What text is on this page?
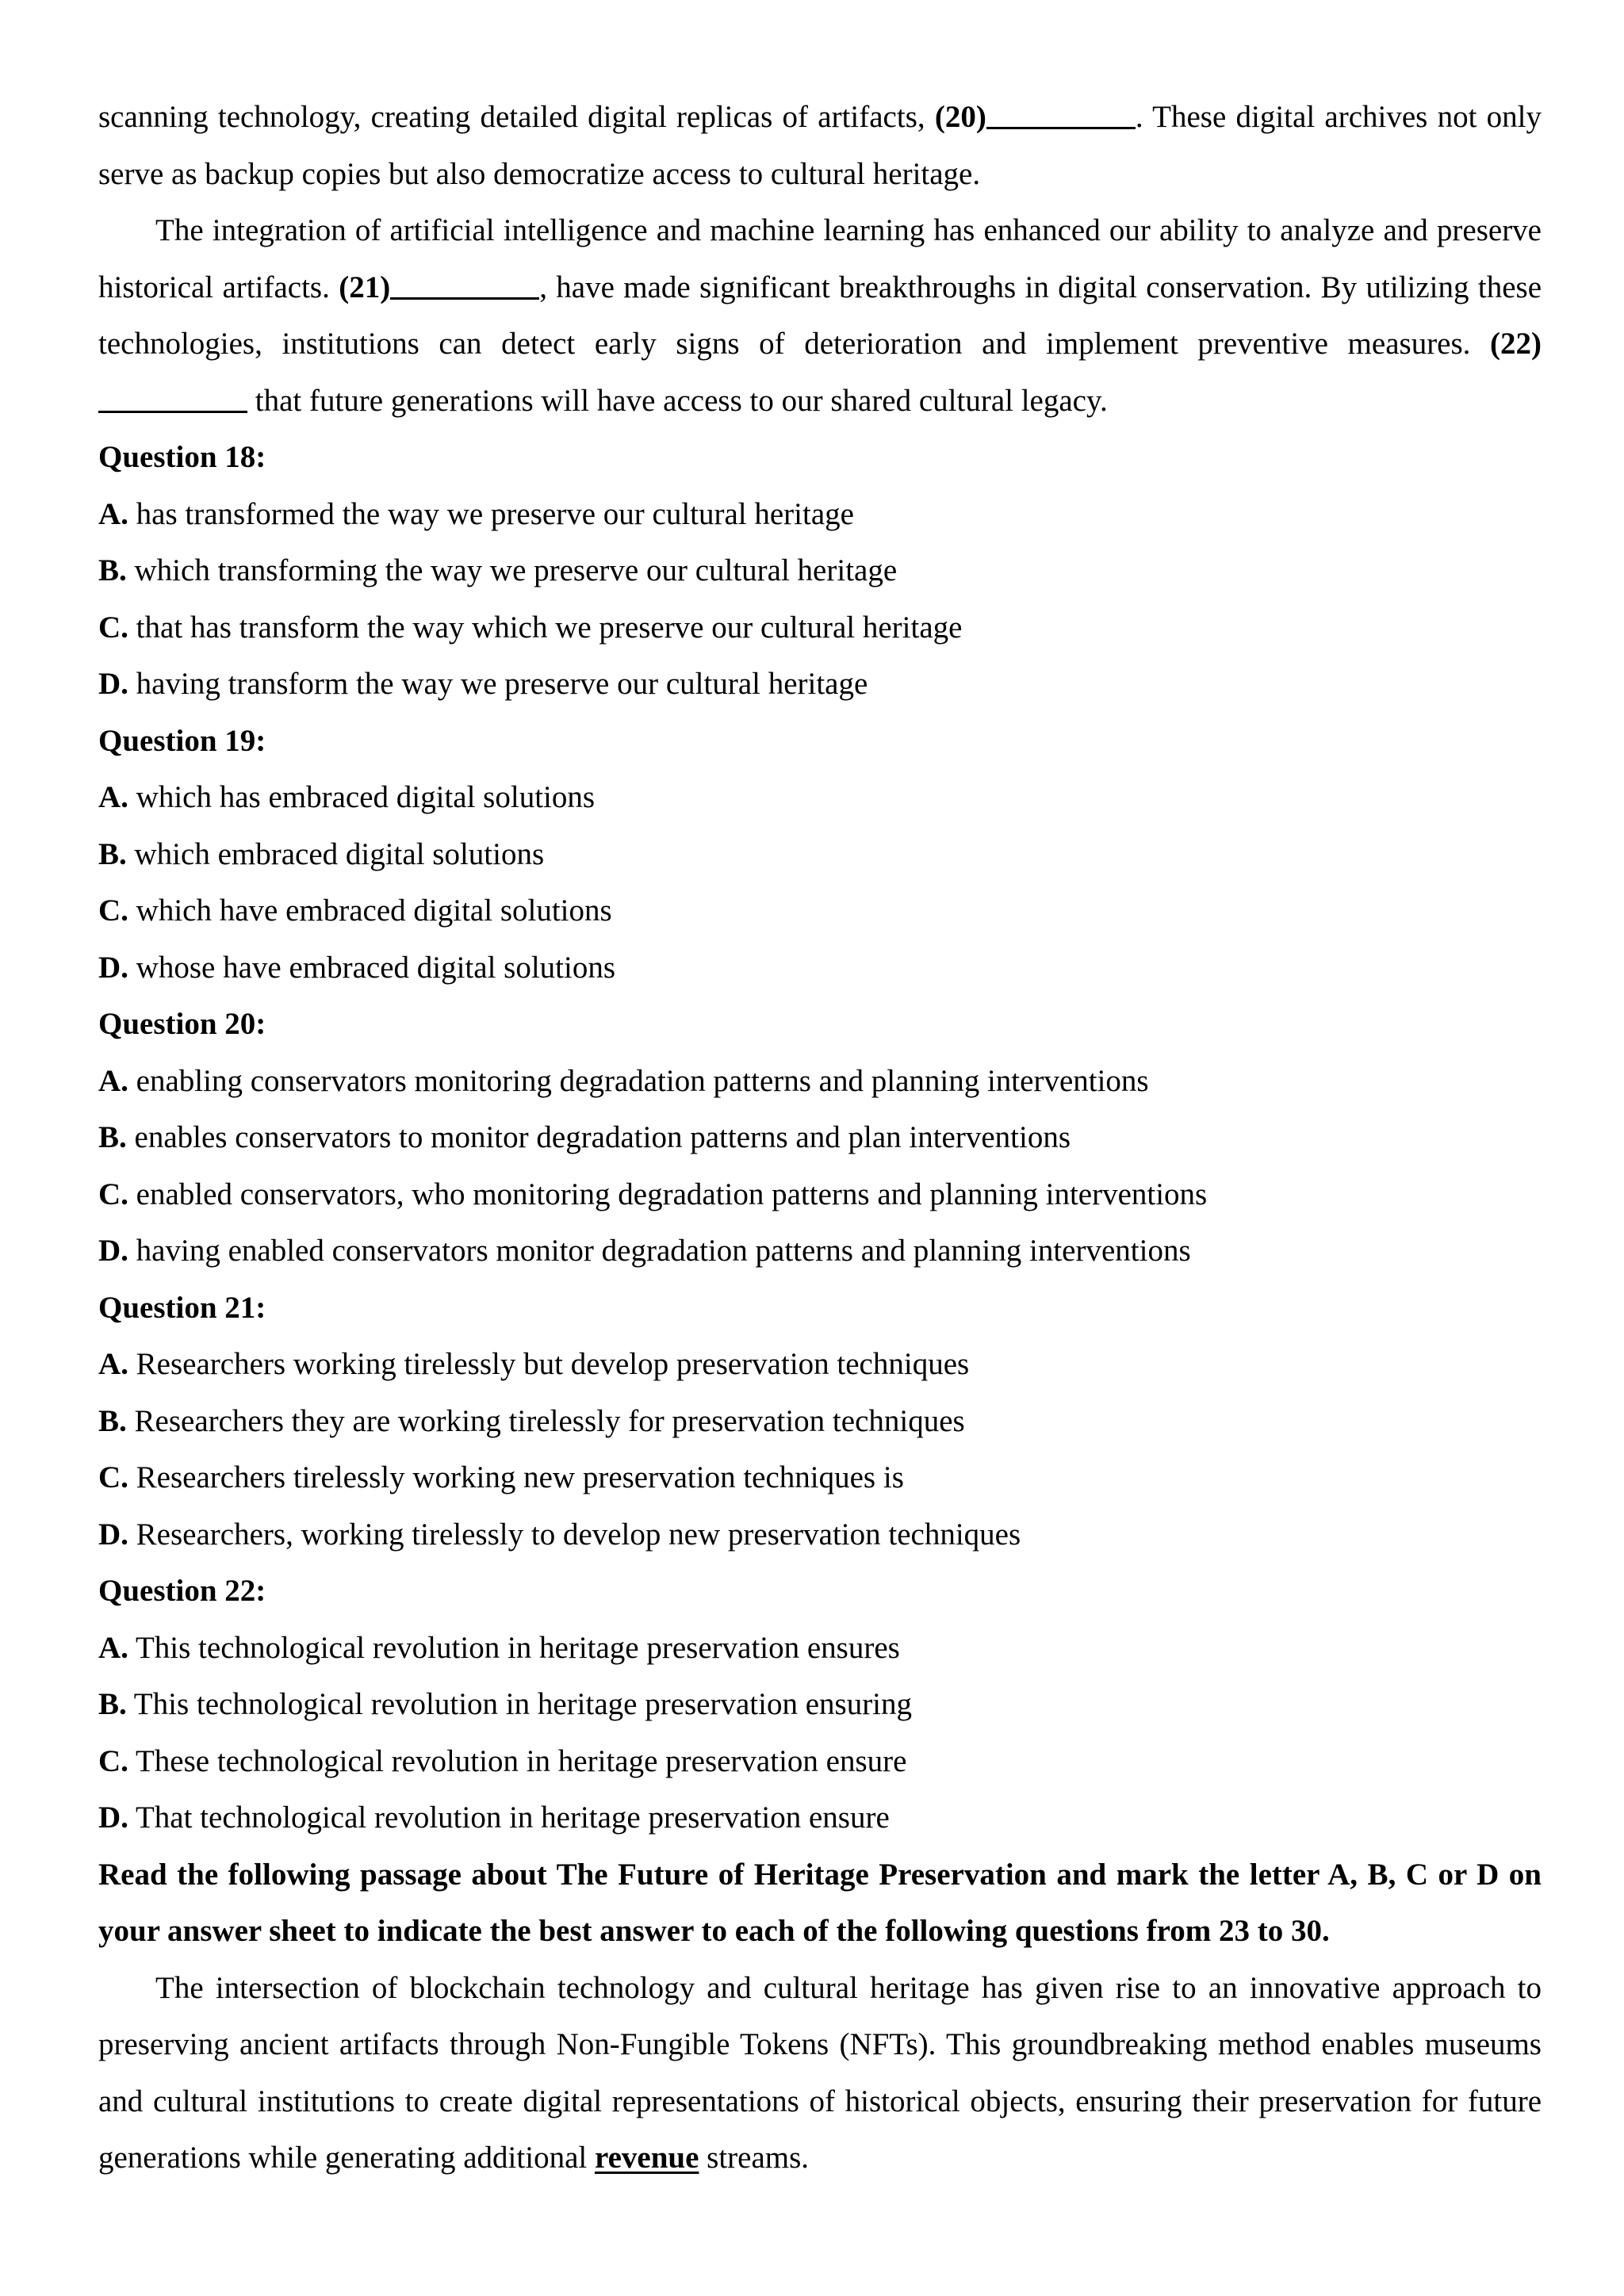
scanning technology, creating detailed digital replicas of artifacts, (20)	. These digital archives not only serve as backup copies but also democratize access to cultural heritage.

The integration of artificial intelligence and machine learning has enhanced our ability to analyze and preserve historical artifacts. (21)	, have made significant breakthroughs in digital conservation. By utilizing these technologies, institutions can detect early signs of deterioration and implement preventive measures. (22) that future generations will have access to our shared cultural legacy.

Question 18:

A. has transformed the way we preserve our cultural heritage

B. which transforming the way we preserve our cultural heritage

C. that has transform the way which we preserve our cultural heritage

D. having transform the way we preserve our cultural heritage

Question 19:

A. which has embraced digital solutions

B. which embraced digital solutions

C. which have embraced digital solutions

D. whose have embraced digital solutions

Question 20:

A. enabling conservators monitoring degradation patterns and planning interventions

B. enables conservators to monitor degradation patterns and plan interventions

C. enabled conservators, who monitoring degradation patterns and planning interventions

D. having enabled conservators monitor degradation patterns and planning interventions

Question 21:

A. Researchers working tirelessly but develop preservation techniques

B. Researchers they are working tirelessly for preservation techniques

C. Researchers tirelessly working new preservation techniques is

D. Researchers, working tirelessly to develop new preservation techniques

Question 22:

A. This technological revolution in heritage preservation ensures

B. This technological revolution in heritage preservation ensuring

C. These technological revolution in heritage preservation ensure

D. That technological revolution in heritage preservation ensure

Read the following passage about The Future of Heritage Preservation and mark the letter A, B, C or D on your answer sheet to indicate the best answer to each of the following questions from 23 to 30.

The intersection of blockchain technology and cultural heritage has given rise to an innovative approach to preserving ancient artifacts through Non-Fungible Tokens (NFTs). This groundbreaking method enables museums and cultural institutions to create digital representations of historical objects, ensuring their preservation for future generations while generating additional revenue streams.
